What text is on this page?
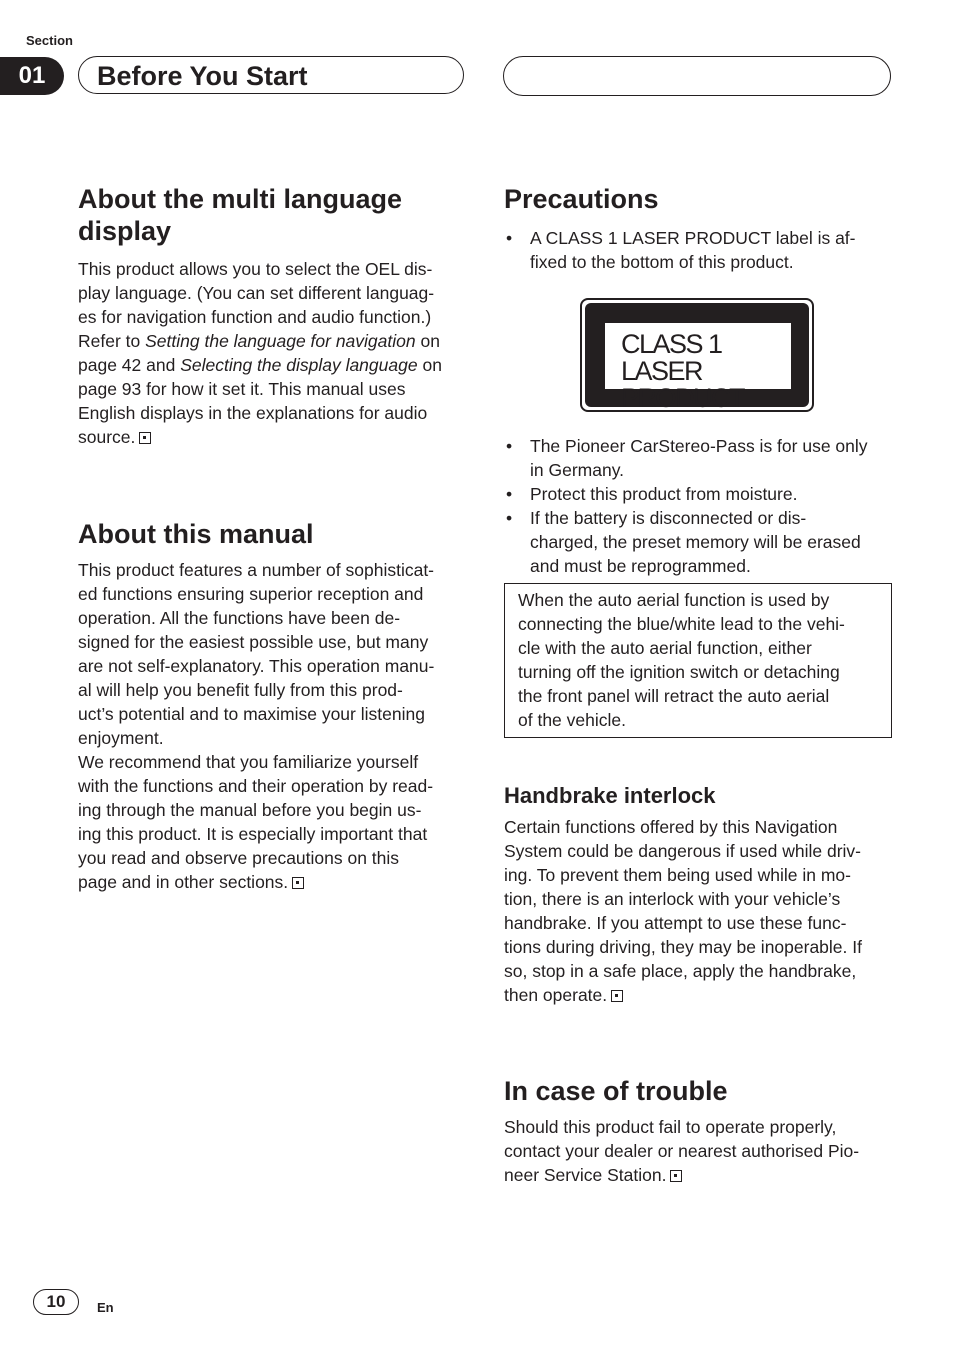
Section
01	Before You Start
About the multi language
display

This product allows you to select the OEL dis-

play language. (You can set different languag-

es for navigation function and audio function.)

Refer to Setting the language for navigation on

page 42 and Selecting the display language on

page 93 for how it set it. This manual uses

English displays in the explanations for audio

source.

About this manual

This product features a number of sophisticat-

ed functions ensuring superior reception and

operation. All the functions have been de-

signed for the easiest possible use, but many

are not self-explanatory. This operation manu-

al will help you benefit fully from this prod-

uct’s potential and to maximise your listening

enjoyment.

We recommend that you familiarize yourself

with the functions and their operation by read-

ing through the manual before you begin us-

ing this product. It is especially important that

you read and observe precautions on this

page and in other sections.

Precautions
• A CLASS 1 LASER PRODUCT label is af-
fixed to the bottom of this product.
CLASS 1
LASER PRODUCT
• The Pioneer CarStereo-Pass is for use only
in Germany.
• Protect this product from moisture.
• If the battery is disconnected or dis-
charged, the preset memory will be erased
and must be reprogrammed.

When the auto aerial function is used by

connecting the blue/white lead to the vehi-

cle with the auto aerial function, either

turning off the ignition switch or detaching

the front panel will retract the auto aerial

of the vehicle.

Handbrake interlock

Certain functions offered by this Navigation

System could be dangerous if used while driv-

ing. To prevent them being used while in mo-

tion, there is an interlock with your vehicle’s

handbrake. If you attempt to use these func-

tions during driving, they may be inoperable. If

so, stop in a safe place, apply the handbrake,

then operate.

In case of trouble

Should this product fail to operate properly,

contact your dealer or nearest authorised Pio-

neer Service Station.

10	En
